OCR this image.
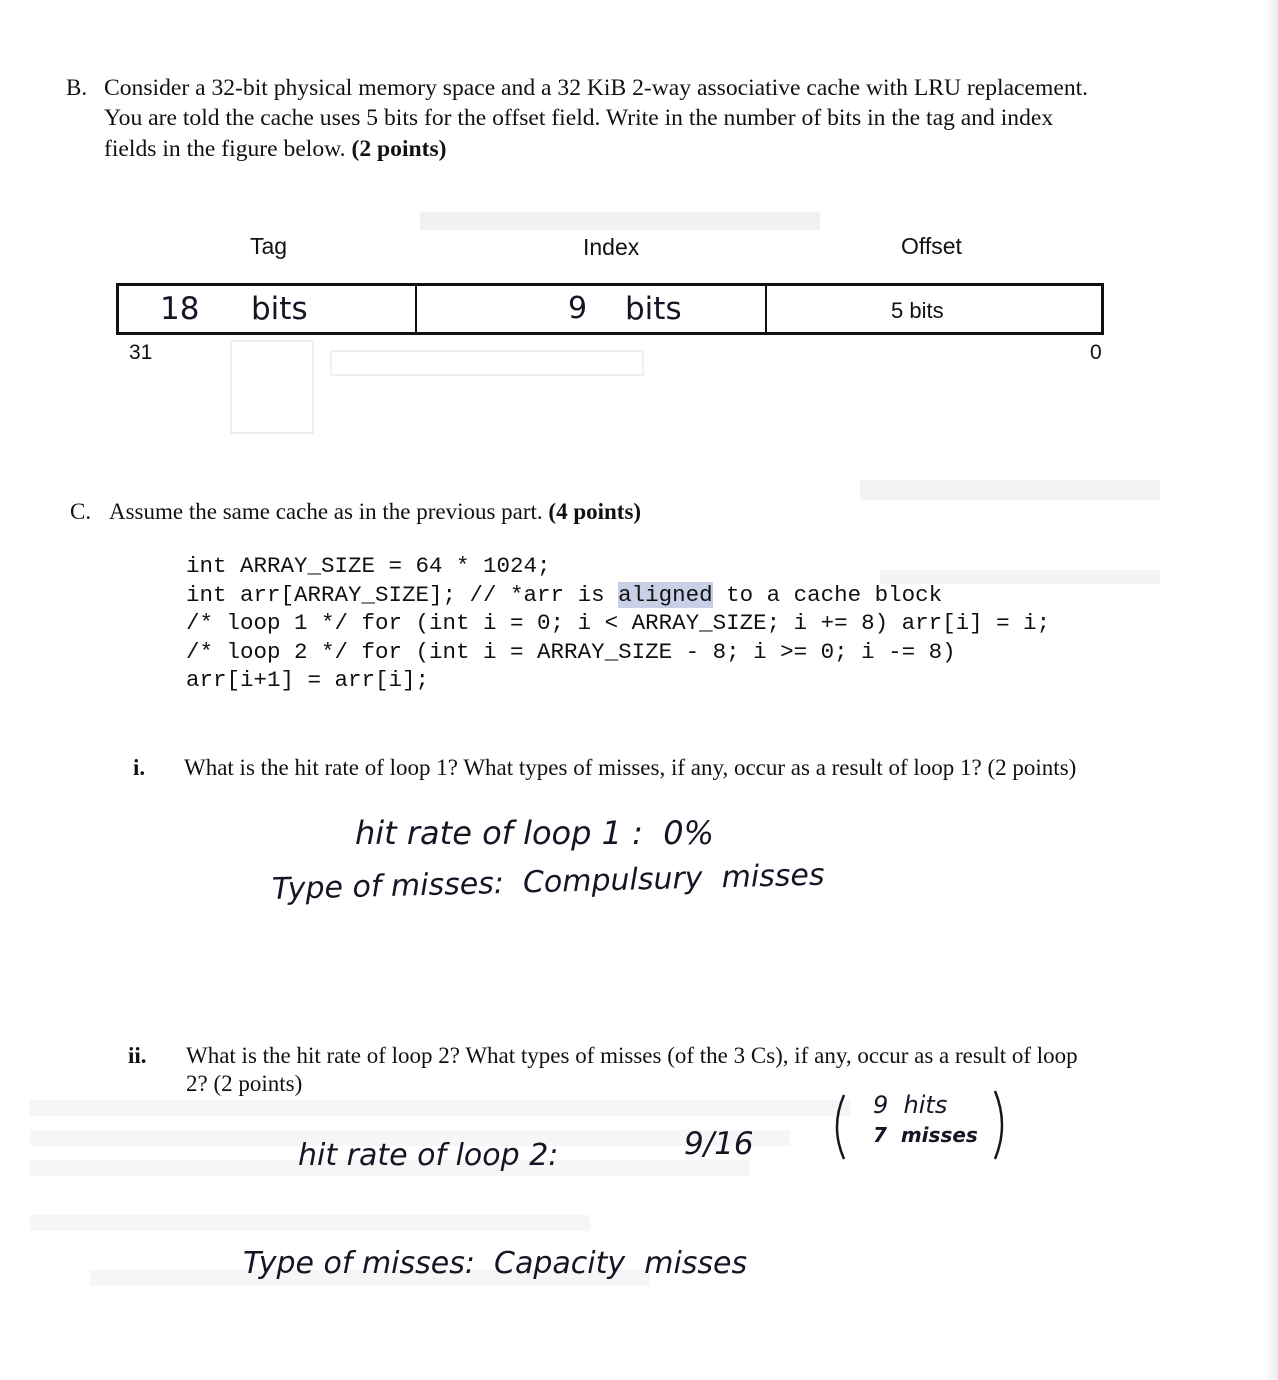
B. Consider a 32-bit physical memory space and a 32 KiB 2-way associative cache with LRU replacement.
You are told the cache uses 5 bits for the offset field. Write in the number of bits in the tag and index
fields in the figure below. (2 points)
Tag	Index	Offset
18 bits	9 bits	5 bits
31	0
C. Assume the same cache as in the previous part. (4 points)
int ARRAY_SIZE = 64 * 1024;
int arr[ARRAY_SIZE]; // *arr is aligned to a cache block
/* loop 1 */ for (int i = 0; i < ARRAY_SIZE; i += 8) arr[i] = i;
/* loop 2 */ for (int i = ARRAY_SIZE - 8; i >= 0; i -= 8)
arr[i+1] = arr[i];
i. What is the hit rate of loop 1? What types of misses, if any, occur as a result of loop 1? (2 points)
hit rate of loop 1 :  0%
Type of misses:  Compulsury  misses
ii. What is the hit rate of loop 2? What types of misses (of the 3 Cs), if any, occur as a result of loop
2? (2 points)
hit rate of loop 2:	9/16
9  hits
7  misses
Type of misses:  Capacity  misses
